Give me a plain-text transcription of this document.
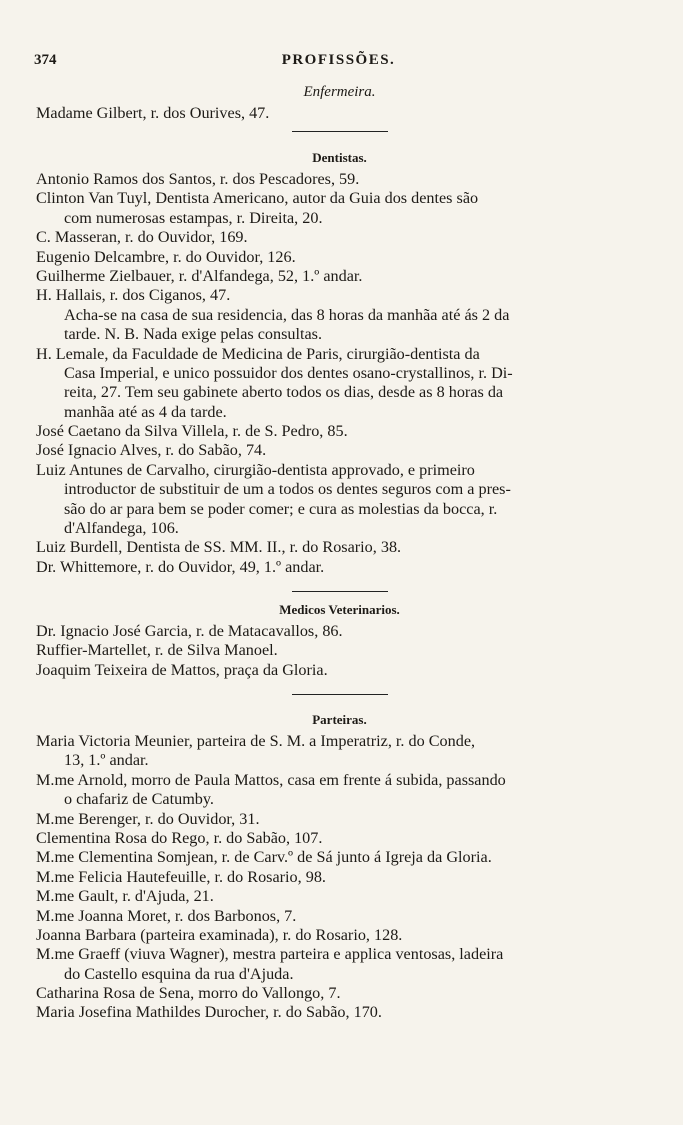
374	PROFISSÕES.
Enfermeira.
Madame Gilbert, r. dos Ourives, 47.
Dentistas.
Antonio Ramos dos Santos, r. dos Pescadores, 59.
Clinton Van Tuyl, Dentista Americano, autor da Guia dos dentes são
com numerosas estampas, r. Direita, 20.
C. Masseran, r. do Ouvidor, 169.
Eugenio Delcambre, r. do Ouvidor, 126.
Guilherme Zielbauer, r. d'Alfandega, 52, 1.º andar.
H. Hallais, r. dos Ciganos, 47.
Acha-se na casa de sua residencia, das 8 horas da manhãa até ás 2 da
tarde. N. B. Nada exige pelas consultas.
H. Lemale, da Faculdade de Medicina de Paris, cirurgião-dentista da
Casa Imperial, e unico possuidor dos dentes osano-crystallinos, r. Di-
reita, 27. Tem seu gabinete aberto todos os dias, desde as 8 horas da
manhãa até as 4 da tarde.
José Caetano da Silva Villela, r. de S. Pedro, 85.
José Ignacio Alves, r. do Sabão, 74.
Luiz Antunes de Carvalho, cirurgião-dentista approvado, e primeiro
introductor de substituir de um a todos os dentes seguros com a pres-
são do ar para bem se poder comer; e cura as molestias da bocca, r.
d'Alfandega, 106.
Luiz Burdell, Dentista de SS. MM. II., r. do Rosario, 38.
Dr. Whittemore, r. do Ouvidor, 49, 1.º andar.
Medicos Veterinarios.
Dr. Ignacio José Garcia, r. de Matacavallos, 86.
Ruffier-Martellet, r. de Silva Manoel.
Joaquim Teixeira de Mattos, praça da Gloria.
Parteiras.
Maria Victoria Meunier, parteira de S. M. a Imperatriz, r. do Conde,
13, 1.º andar.
M.me Arnold, morro de Paula Mattos, casa em frente á subida, passando
o chafariz de Catumby.
M.me Berenger, r. do Ouvidor, 31.
Clementina Rosa do Rego, r. do Sabão, 107.
M.me Clementina Somjean, r. de Carv.º de Sá junto á Igreja da Gloria.
M.me Felicia Hautefeuille, r. do Rosario, 98.
M.me Gault, r. d'Ajuda, 21.
M.me Joanna Moret, r. dos Barbonos, 7.
Joanna Barbara (parteira examinada), r. do Rosario, 128.
M.me Graeff (viuva Wagner), mestra parteira e applica ventosas, ladeira
do Castello esquina da rua d'Ajuda.
Catharina Rosa de Sena, morro do Vallongo, 7.
Maria Josefina Mathildes Durocher, r. do Sabão, 170.
